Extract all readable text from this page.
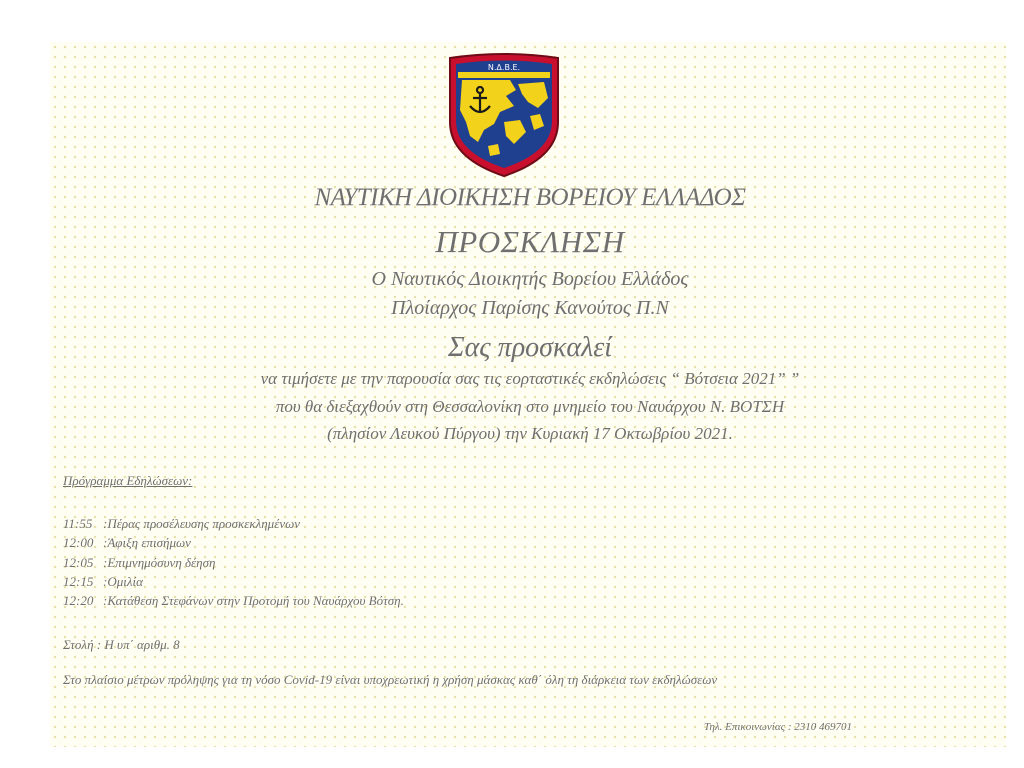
Ν.Δ.Β.Ε.
ΝΑΥΤΙΚΗ ΔΙΟΙΚΗΣΗ ΒΟΡΕΙΟΥ ΕΛΛΑΔΟΣ
ΠΡΟΣΚΛΗΣΗ
Ο Ναυτικός Διοικητής Βορείου Ελλάδος
Πλοίαρχος Παρίσης Κανούτος Π.Ν
Σας προσκαλεί
να τιμήσετε με την παρουσία σας τις εορταστικές εκδηλώσεις “ Βότσεια 2021” ”
που θα διεξαχθούν στη Θεσσαλονίκη στο μνημείο του Ναυάρχου Ν. ΒΟΤΣΗ
(πλησίον Λευκού Πύργου) την Κυριακή 17 Οκτωβρίου 2021.
Πρόγραμμα Εδηλώσεων:
11:55 :Πέρας προσέλευσης προσκεκλημένων
12:00 :Άφιξη επισήμων
12:05 :Επιμνημόσυνη δέηση
12:15 :Ομιλία
12:20 :Κατάθεση Στεφάνων στην Προτομή του Ναυάρχου Βότση.
Στολή : Η υπ΄ αριθμ. 8
Στο πλαίσιο μέτρων πρόληψης για τη νόσο Covid-19 είναι υποχρεωτική η χρήση μάσκας καθ΄ όλη τη διάρκεια των εκδηλώσεων
Τηλ. Επικοινωνίας : 2310 469701
